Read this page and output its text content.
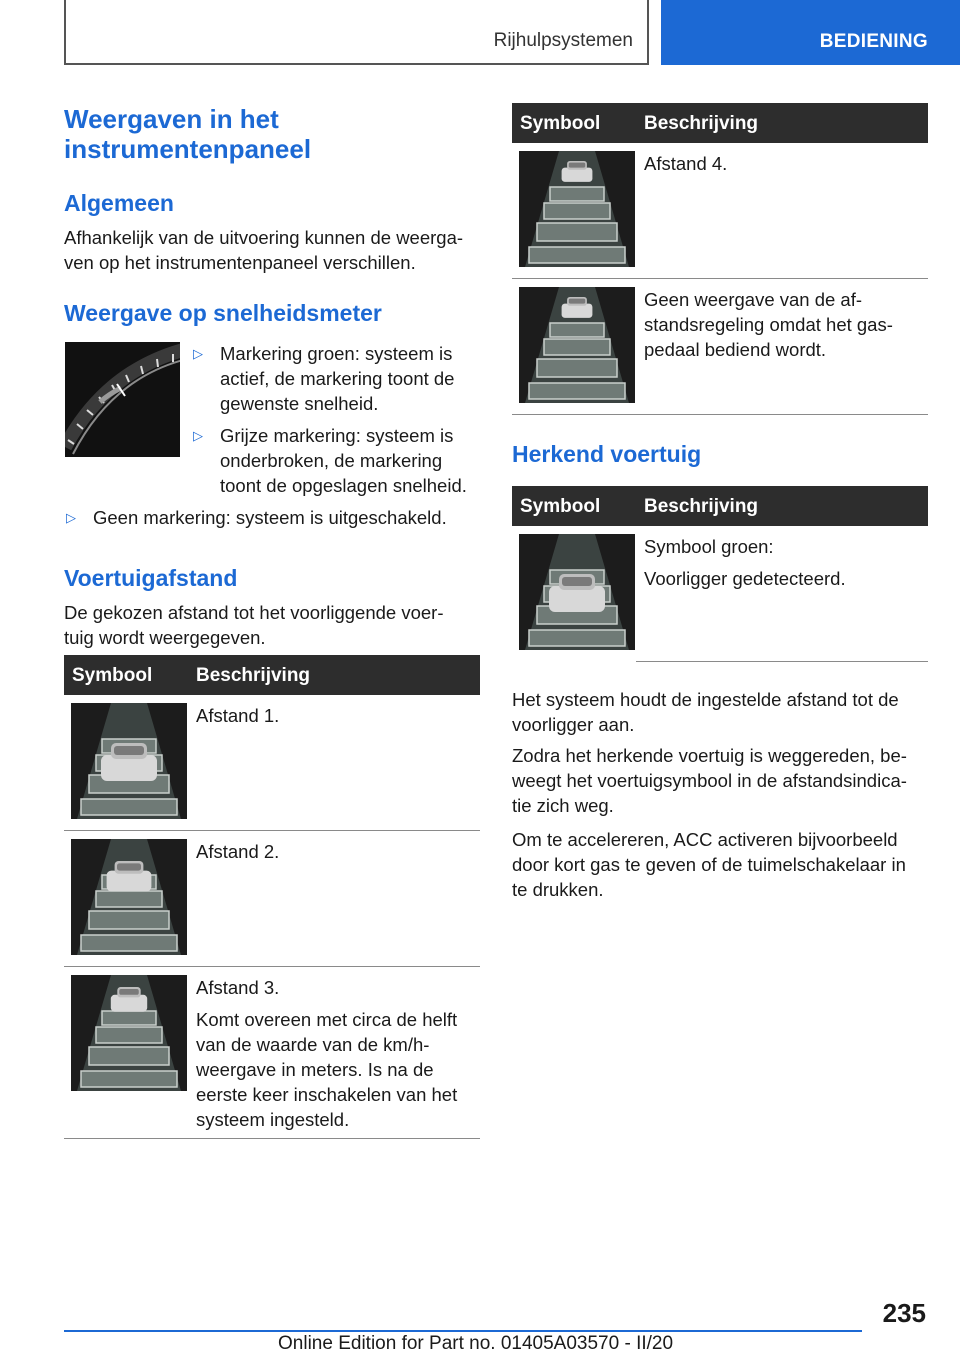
Rijhulpsystemen	BEDIENING
Weergaven in het
instrumentenpaneel
Algemeen
Afhankelijk van de uitvoering kunnen de weerga‐
ven op het instrumentenpaneel verschillen.
Weergave op snelheidsmeter
▷ Markering groen: systeem is
actief, de markering toont de
gewenste snelheid.
▷ Grijze markering: systeem is
onderbroken, de markering
toont de opgeslagen snelheid.
▷ Geen markering: systeem is uitgeschakeld.
Voertuigafstand
De gekozen afstand tot het voorliggende voer‐
tuig wordt weergegeven.
Symbool Beschrijving
Afstand 1.
Afstand 2.
Afstand 3.
Komt overeen met circa de helft
van de waarde van de km/h-
weergave in meters. Is na de
eerste keer inschakelen van het
systeem ingesteld.
Symbool Beschrijving
Afstand 4.
Geen weergave van de af‐
standsregeling omdat het gas‐
pedaal bediend wordt.
Herkend voertuig
Symbool Beschrijving
Symbool groen:
Voorligger gedetecteerd.
Het systeem houdt de ingestelde afstand tot de
voorligger aan.
Zodra het herkende voertuig is weggereden, be‐
weegt het voertuigsymbool in de afstandsindica‐
tie zich weg.
Om te accelereren, ACC activeren bijvoorbeeld
door kort gas te geven of de tuimelschakelaar in
te drukken.
235
Online Edition for Part no. 01405A03570 - II/20
